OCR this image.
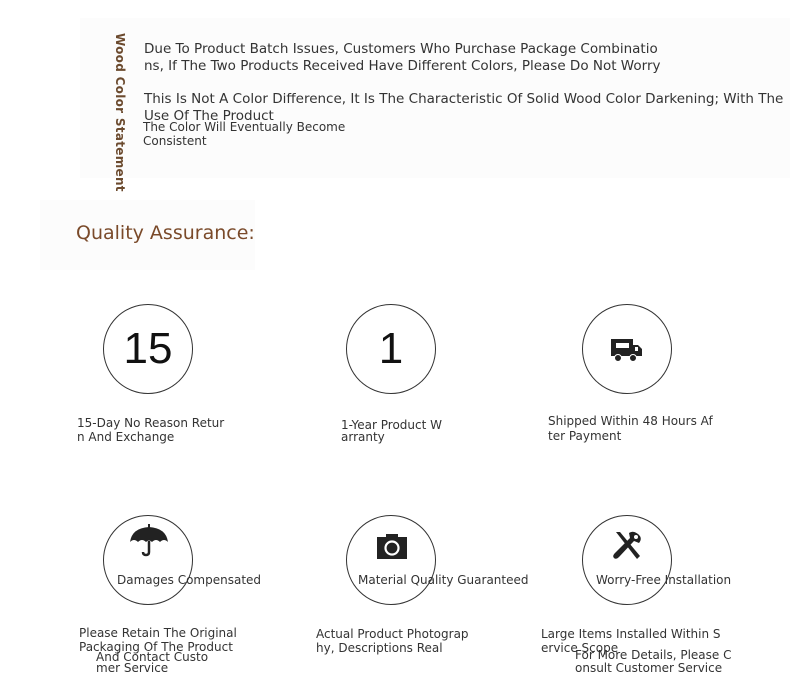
Wood Color Statement Due To Product Batch Issues, Customers Who Purchase Package Combinatio
ns, If The Two Products Received Have Different Colors, Please Do Not Worry
This Is Not A Color Difference, It Is The Characteristic Of Solid Wood Color Darkening; With The
Use Of The Product
The Color Will Eventually Become
Consistent
Quality Assurance:
15
15-Day No Reason Retur
n And Exchange
1
1-Year Product W
arranty
Shipped Within 48 Hours Af
ter Payment
Damages Compensated
Please Retain The Original
Packaging Of The Product
And Contact Custo
mer Service
Material Quality Guaranteed
Actual Product Photograp
hy, Descriptions Real
Worry-Free Installation
Large Items Installed Within S
ervice Scope
For More Details, Please C
onsult Customer Service
